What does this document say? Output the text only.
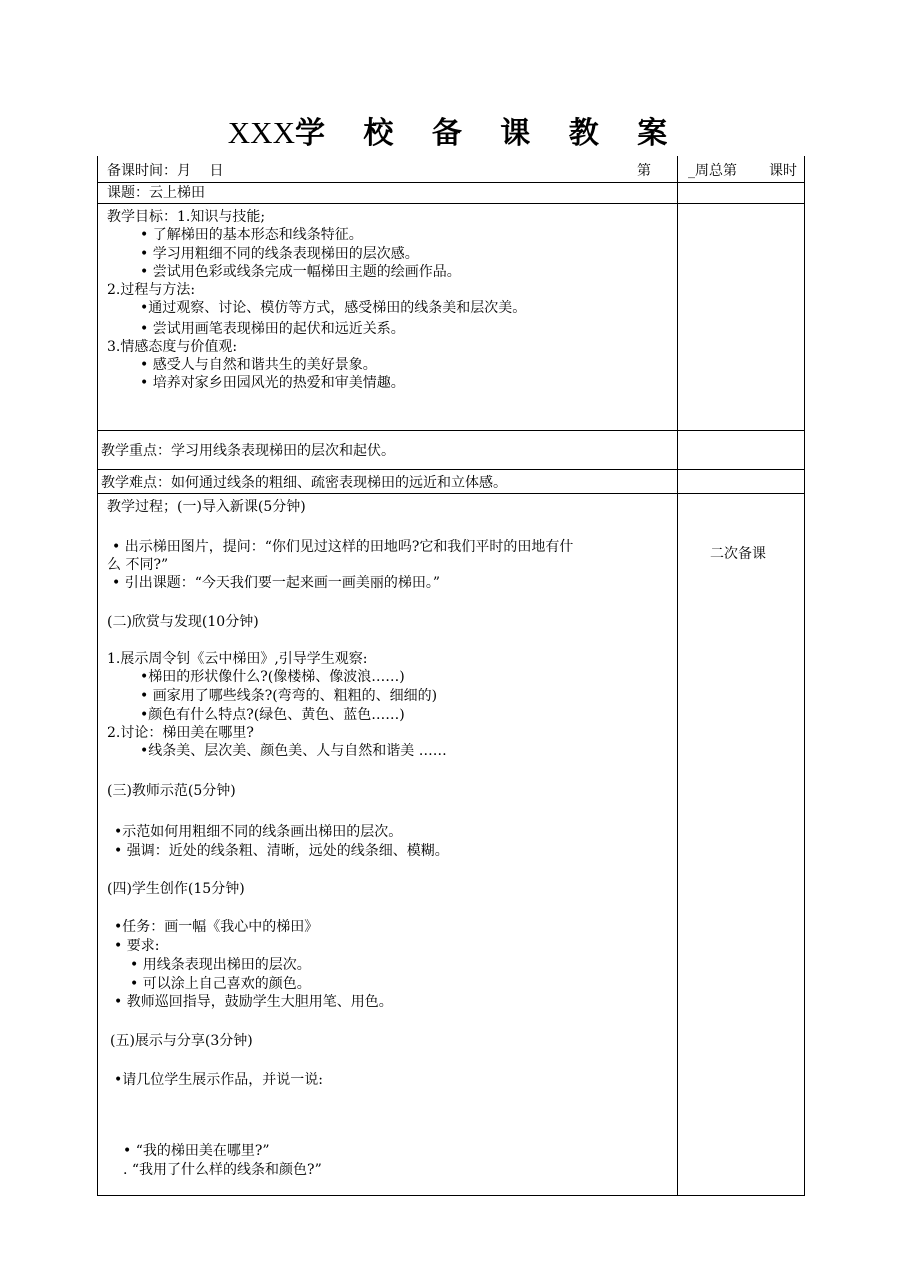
XXX学 校 备 课 教 案
备课时间：月　 日	第	_周总第 课时
课题：云上梯田
教学目标：1.知识与技能;
• 了解梯田的基本形态和线条特征。
• 学习用粗细不同的线条表现梯田的层次感。
• 尝试用色彩或线条完成一幅梯田主题的绘画作品。
2.过程与方法:
•通过观察、讨论、模仿等方式，感受梯田的线条美和层次美。
• 尝试用画笔表现梯田的起伏和远近关系。
3.情感态度与价值观:
• 感受人与自然和谐共生的美好景象。
• 培养对家乡田园风光的热爱和审美情趣。
教学重点：学习用线条表现梯田的层次和起伏。
教学难点：如何通过线条的粗细、疏密表现梯田的远近和立体感。
二次备课
教学过程；(一)导入新课(5分钟)
• 出示梯田图片，提问：“你们见过这样的田地吗?它和我们平时的田地有什
么 不同?”
• 引出课题：“今天我们要一起来画一画美丽的梯田。”
(二)欣赏与发现(10分钟)
1.展示周令钊《云中梯田》,引导学生观察:
•梯田的形状像什么?(像楼梯、像波浪……)
• 画家用了哪些线条?(弯弯的、粗粗的、细细的)
•颜色有什么特点?(绿色、黄色、蓝色……)
2.讨论：梯田美在哪里?
•线条美、层次美、颜色美、人与自然和谐美 ……
(三)教师示范(5分钟)
•示范如何用粗细不同的线条画出梯田的层次。
• 强调：近处的线条粗、清晰，远处的线条细、模糊。
(四)学生创作(15分钟)
•任务：画一幅《我心中的梯田》
• 要求:
• 用线条表现出梯田的层次。
• 可以涂上自己喜欢的颜色。
• 教师巡回指导，鼓励学生大胆用笔、用色。
(五)展示与分享(3分钟)
•请几位学生展示作品，并说一说:
• “我的梯田美在哪里?”
. “我用了什么样的线条和颜色?”
